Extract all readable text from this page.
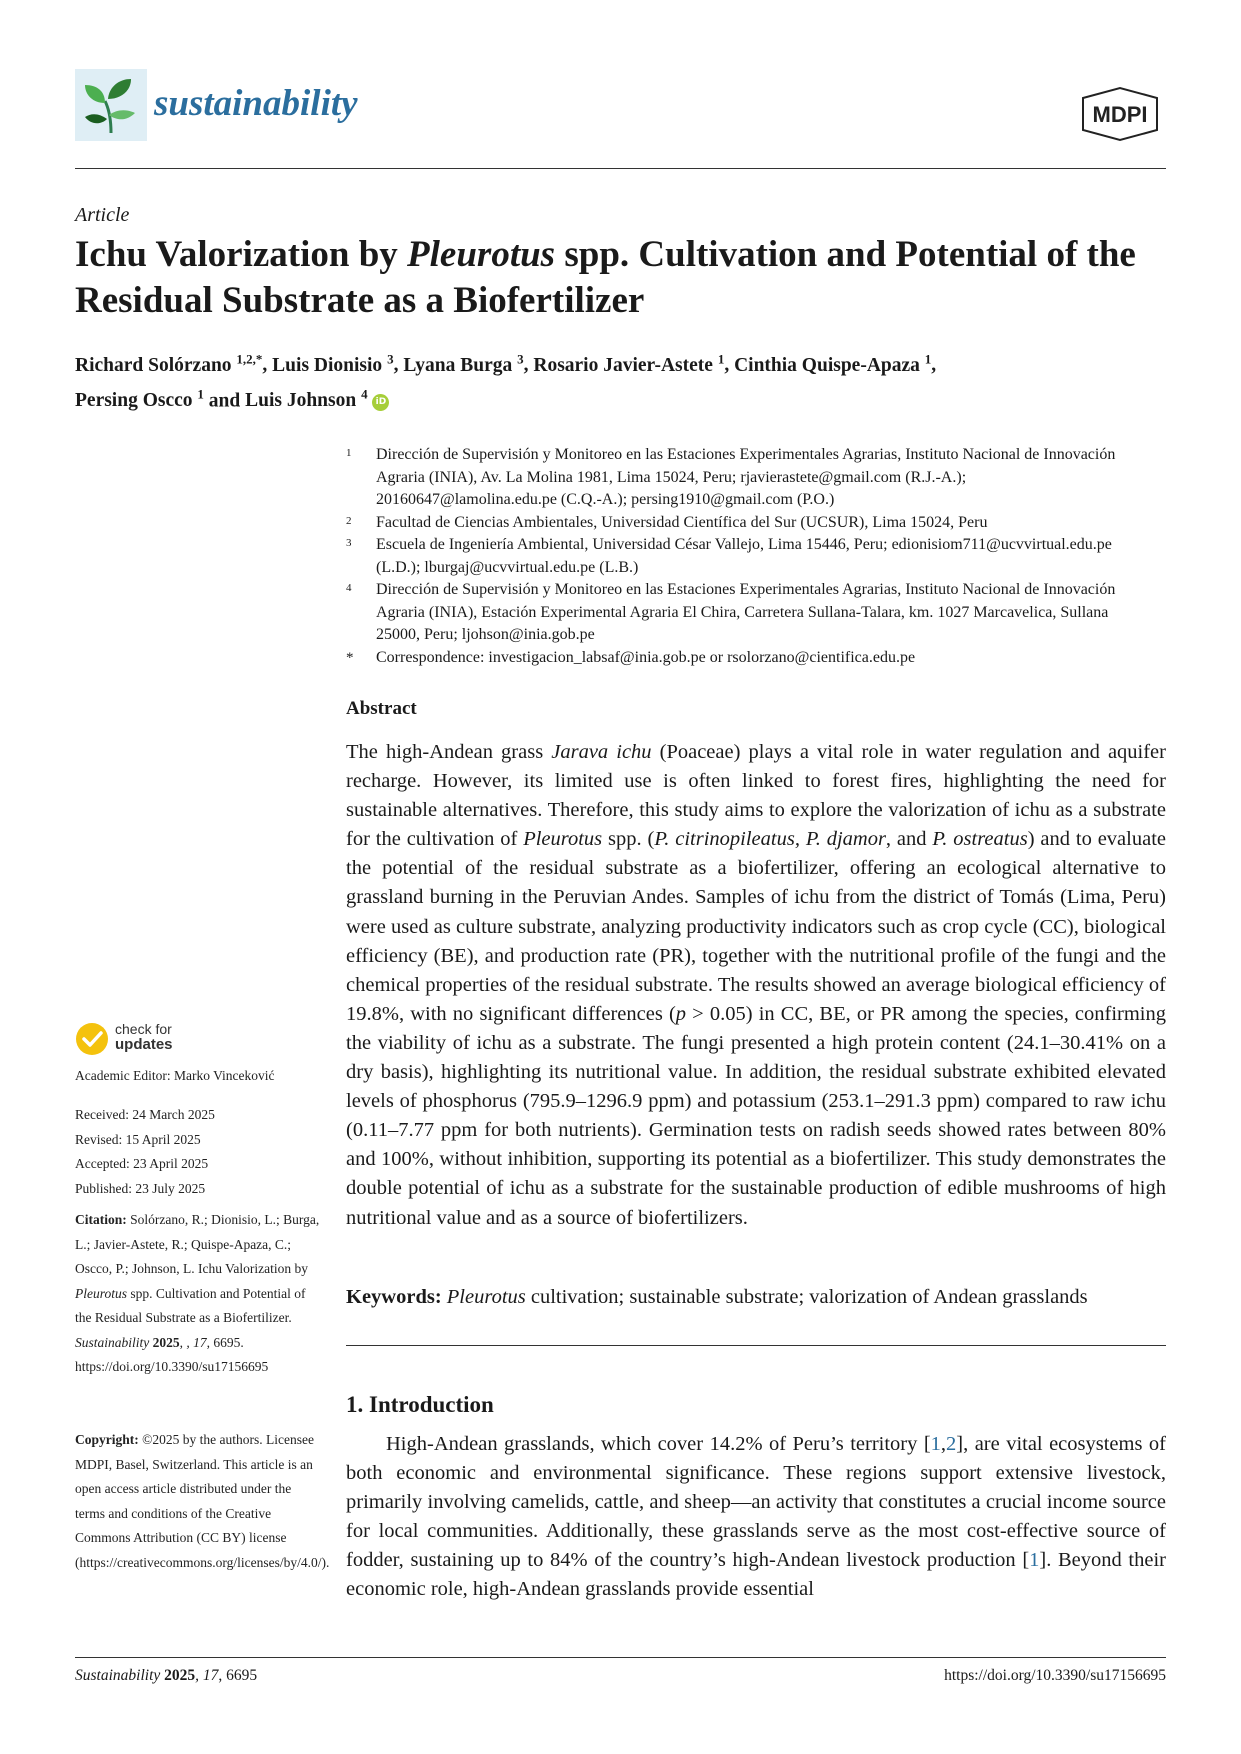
sustainability	MDPI
Article
Ichu Valorization by Pleurotus spp. Cultivation and Potential of the Residual Substrate as a Biofertilizer
Richard Solórzano $^{1,2,*}$, Luis Dionisio $^3$, Lyana Burga $^3$, Rosario Javier-Astete $^1$, Cinthia Quispe-Apaza $^1$,
Persing Oscco $^1$ and Luis Johnson $^4$ iD
1 Dirección de Supervisión y Monitoreo en las Estaciones Experimentales Agrarias, Instituto Nacional de Innovación Agraria (INIA), Av. La Molina 1981, Lima 15024, Peru; rjavierastete@gmail.com (R.J.-A.); 20160647@lamolina.edu.pe (C.Q.-A.); persing1910@gmail.com (P.O.)
2 Facultad de Ciencias Ambientales, Universidad Científica del Sur (UCSUR), Lima 15024, Peru
3 Escuela de Ingeniería Ambiental, Universidad César Vallejo, Lima 15446, Peru; edionisiom711@ucvvirtual.edu.pe (L.D.); lburgaj@ucvvirtual.edu.pe (L.B.)
4 Dirección de Supervisión y Monitoreo en las Estaciones Experimentales Agrarias, Instituto Nacional de Innovación Agraria (INIA), Estación Experimental Agraria El Chira, Carretera Sullana-Talara, km. 1027 Marcavelica, Sullana 25000, Peru; ljohson@inia.gob.pe
* Correspondence: investigacion_labsaf@inia.gob.pe or rsolorzano@cientifica.edu.pe
Abstract

The high-Andean grass Jarava ichu (Poaceae) plays a vital role in water regulation and aquifer recharge. However, its limited use is often linked to forest fires, highlighting the need for sustainable alternatives. Therefore, this study aims to explore the valorization of ichu as a substrate for the cultivation of Pleurotus spp. (P. citrinopileatus, P. djamor, and P. ostreatus) and to evaluate the potential of the residual substrate as a biofertilizer, offering an ecological alternative to grassland burning in the Peruvian Andes. Samples of ichu from the district of Tomás (Lima, Peru) were used as culture substrate, analyzing productivity indicators such as crop cycle (CC), biological efficiency (BE), and production rate (PR), together with the nutritional profile of the fungi and the chemical properties of the residual substrate. The results showed an average biological efficiency of 19.8%, with no significant differences (p > 0.05) in CC, BE, or PR among the species, confirming the viability of ichu as a substrate. The fungi presented a high protein content (24.1–30.41% on a dry basis), highlighting its nutritional value. In addition, the residual substrate exhibited elevated levels of phosphorus (795.9–1296.9 ppm) and potassium (253.1–291.3 ppm) compared to raw ichu (0.11–7.77 ppm for both nutrients). Germination tests on radish seeds showed rates between 80% and 100%, without inhibition, supporting its potential as a biofertilizer. This study demonstrates the double potential of ichu as a substrate for the sustainable production of edible mushrooms of high nutritional value and as a source of biofertilizers.

Keywords: Pleurotus cultivation; sustainable substrate; valorization of Andean grasslands
1. Introduction

High-Andean grasslands, which cover 14.2% of Peru’s territory [1,2], are vital ecosystems of both economic and environmental significance. These regions support extensive livestock, primarily involving camelids, cattle, and sheep—an activity that constitutes a crucial income source for local communities. Additionally, these grasslands serve as the most cost-effective source of fodder, sustaining up to 84% of the country’s high-Andean livestock production [1]. Beyond their economic role, high-Andean grasslands provide essential

check for
updates
Academic Editor: Marko Vinceković

Received: 24 March 2025

Revised: 15 April 2025

Accepted: 23 April 2025

Published: 23 July 2025

Citation: Solórzano, R.; Dionisio, L.; Burga, L.; Javier-Astete, R.; Quispe-Apaza, C.; Oscco, P.; Johnson, L. Ichu Valorization by Pleurotus spp. Cultivation and Potential of the Residual Substrate as a Biofertilizer. Sustainability 2025, , 17, 6695. https://doi.org/10.3390/su17156695
Copyright: ©2025 by the authors. Licensee MDPI, Basel, Switzerland. This article is an open access article distributed under the terms and conditions of the Creative Commons Attribution (CC BY) license (https://creativecommons.org/licenses/by/4.0/).
Sustainability 2025, 17, 6695	https://doi.org/10.3390/su17156695
